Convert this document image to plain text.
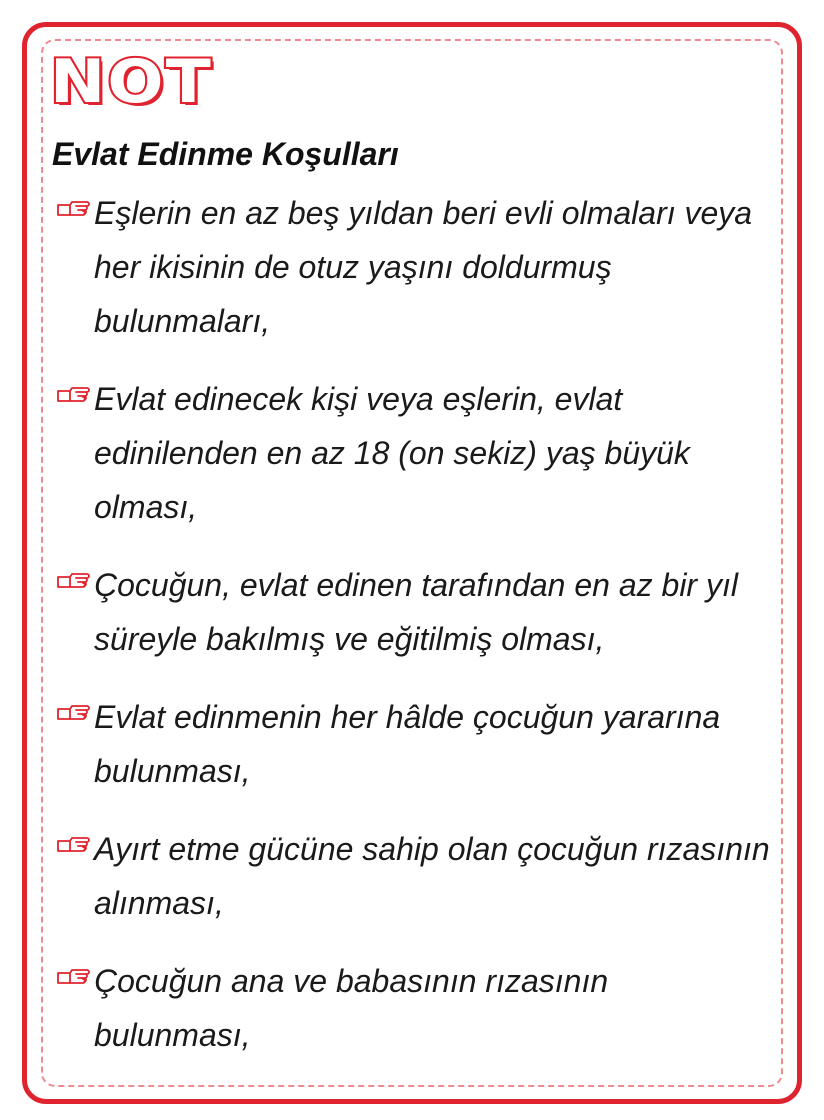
NOT
Evlat Edinme Koşulları
Eşlerin en az beş yıldan beri evli olmaları veya her ikisinin de otuz yaşını doldurmuş bulunmaları,
Evlat edinecek kişi veya eşlerin, evlat edinilenden en az 18 (on sekiz) yaş büyük olması,
Çocuğun, evlat edinen tarafından en az bir yıl süreyle bakılmış ve eğitilmiş olması,
Evlat edinmenin her hâlde çocuğun yararına bulunması,
Ayırt etme gücüne sahip olan çocuğun rızasının alınması,
Çocuğun ana ve babasının rızasının bulunması,
